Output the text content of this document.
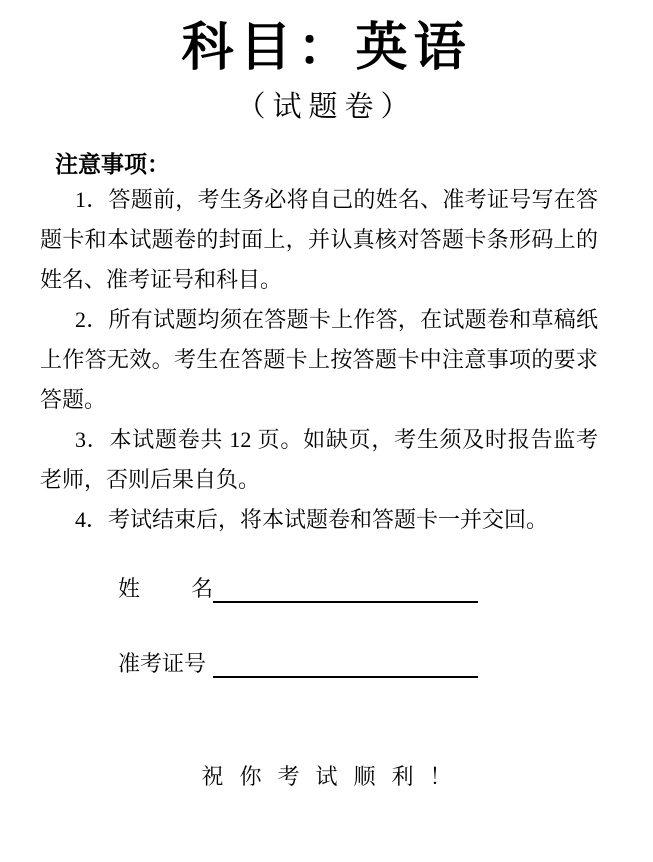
科目：英语
（试题卷）
注意事项：

1．答题前，考生务必将自己的姓名、准考证号写在答题卡和本试题卷的封面上，并认真核对答题卡条形码上的姓名、准考证号和科目。

2．所有试题均须在答题卡上作答，在试题卷和草稿纸上作答无效。考生在答题卡上按答题卡中注意事项的要求答题。

3．本试题卷共 12 页。如缺页，考生须及时报告监考老师，否则后果自负。

4．考试结束后，将本试题卷和答题卡一并交回。

姓 名
准考证号
祝你考试顺利！
